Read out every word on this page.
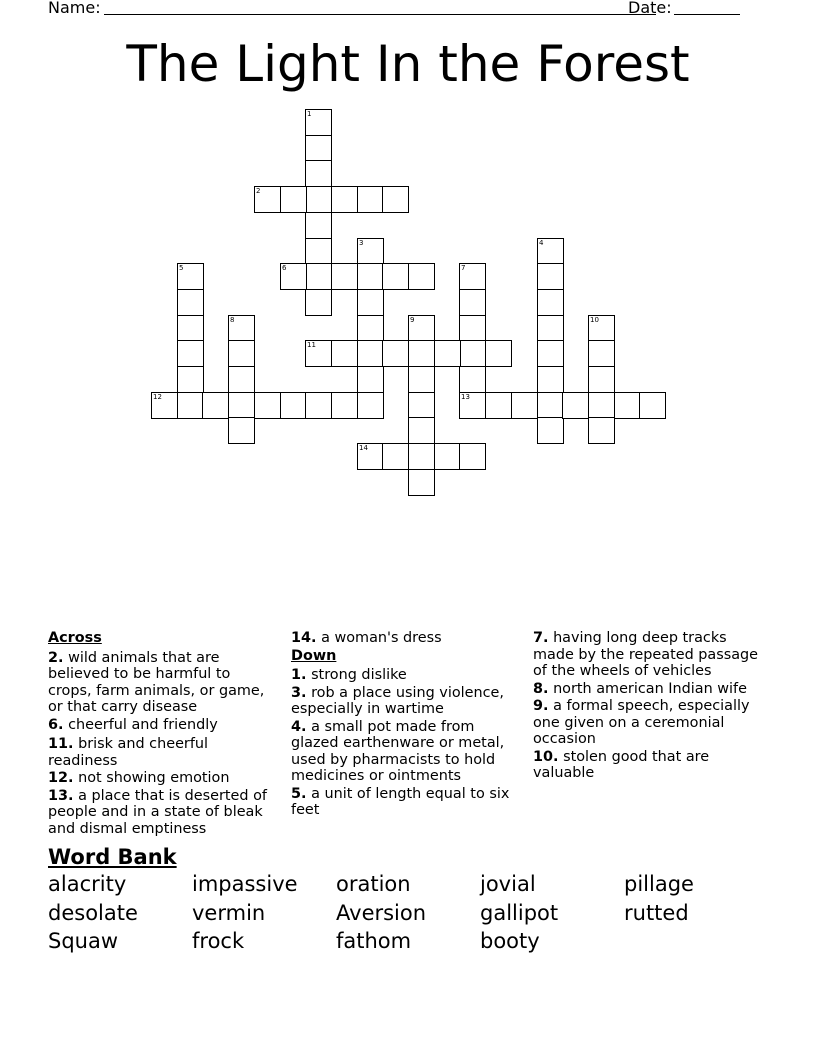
Name:	Date:
The Light In the Forest
1
2
3	4
5	6	7
13
8	9	10
11
12
14
Across
2. wild animals that are believed to be harmful to crops, farm animals, or game, or that carry disease
6. cheerful and friendly
11. brisk and cheerful readiness
12. not showing emotion
13. a place that is deserted of people and in a state of bleak and dismal emptiness
14. a woman's dress
Down
1. strong dislike
3. rob a place using violence, especially in wartime
4. a small pot made from glazed earthenware or metal, used by pharmacists to hold medicines or ointments
5. a unit of length equal to six feet
7. having long deep tracks made by the repeated passage of the wheels of vehicles
8. north american Indian wife
9. a formal speech, especially one given on a ceremonial occasion
10. stolen good that are valuable
Word Bank
alacrity	impassive	oration	jovial	pillage
desolate	vermin	Aversion	gallipot	rutted
Squaw	frock	fathom	booty
